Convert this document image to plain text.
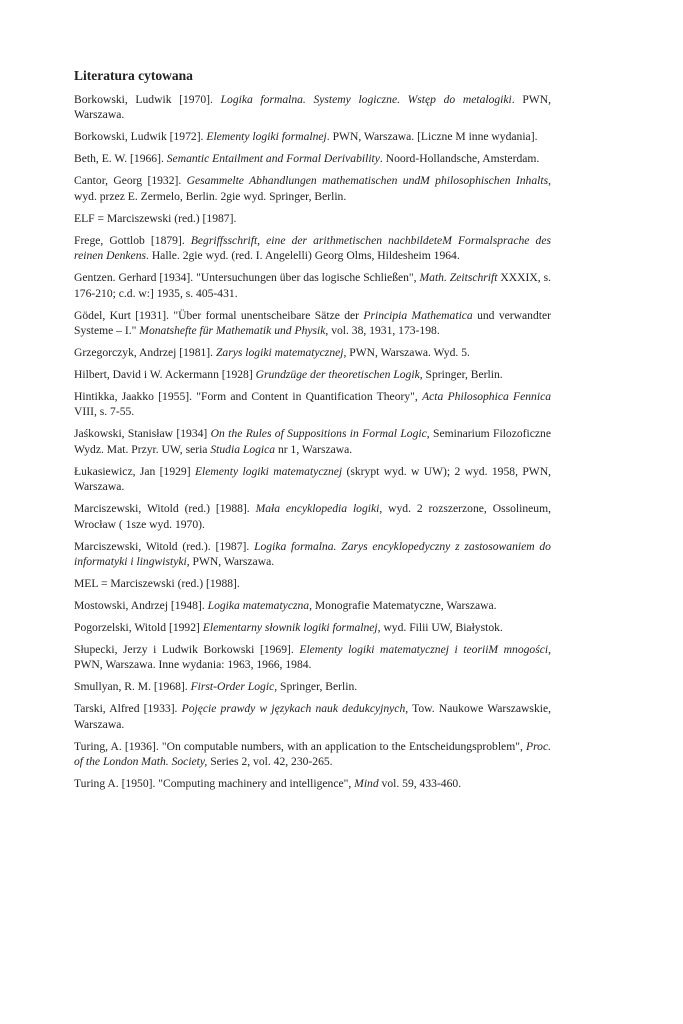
Literatura cytowana
Borkowski, Ludwik [1970]. Logika formalna. Systemy logiczne. Wstęp do metalogiki. PWN, Warszawa.
Borkowski, Ludwik [1972]. Elementy logiki formalnej. PWN, Warszawa. [Liczne M inne wydania].
Beth, E. W. [1966]. Semantic Entailment and Formal Derivability. Noord-Hollandsche, Amsterdam.
Cantor, Georg [1932]. Gesammelte Abhandlungen mathematischen undM philosophischen Inhalts, wyd. przez E. Zermelo, Berlin. 2gie wyd. Springer, Berlin.
ELF = Marciszewski (red.) [1987].
Frege, Gottlob [1879]. Begriffsschrift, eine der arithmetischen nachbildeteM Formalsprache des reinen Denkens. Halle. 2gie wyd. (red. I. Angelelli) Georg Olms, Hildesheim 1964.
Gentzen. Gerhard [1934]. "Untersuchungen über das logische Schließen", Math. Zeitschrift XXXIX, s. 176-210; c.d. w:] 1935, s. 405-431.
Gödel, Kurt [1931]. "Über formal unentscheibare Sätze der Principia Mathematica und verwandter Systeme – I." Monatshefte für Mathematik und Physik, vol. 38, 1931, 173-198.
Grzegorczyk, Andrzej [1981]. Zarys logiki matematycznej, PWN, Warszawa. Wyd. 5.
Hilbert, David i W. Ackermann [1928] Grundzüge der theoretischen Logik, Springer, Berlin.
Hintikka, Jaakko [1955]. "Form and Content in Quantification Theory", Acta Philosophica Fennica VIII, s. 7-55.
Jaśkowski, Stanisław [1934] On the Rules of Suppositions in Formal Logic, Seminarium Filozoficzne Wydz. Mat. Przyr. UW, seria Studia Logica nr 1, Warszawa.
Łukasiewicz, Jan [1929] Elementy logiki matematycznej (skrypt wyd. w UW); 2 wyd. 1958, PWN, Warszawa.
Marciszewski, Witold (red.) [1988]. Mała encyklopedia logiki, wyd. 2 rozszerzone, Ossolineum, Wrocław ( 1sze wyd. 1970).
Marciszewski, Witold (red.). [1987]. Logika formalna. Zarys encyklopedyczny z zastosowaniem do informatyki i lingwistyki, PWN, Warszawa.
MEL = Marciszewski (red.) [1988].
Mostowski, Andrzej [1948]. Logika matematyczna, Monografie Matematyczne, Warszawa.
Pogorzelski, Witold [1992] Elementarny słownik logiki formalnej, wyd. Filii UW, Białystok.
Słupecki, Jerzy i Ludwik Borkowski [1969]. Elementy logiki matematycznej i teoriiM mnogości, PWN, Warszawa. Inne wydania: 1963, 1966, 1984.
Smullyan, R. M. [1968]. First-Order Logic, Springer, Berlin.
Tarski, Alfred [1933]. Pojęcie prawdy w językach nauk dedukcyjnych, Tow. Naukowe Warszawskie, Warszawa.
Turing, A. [1936]. "On computable numbers, with an application to the Entscheidungsproblem", Proc. of the London Math. Society, Series 2, vol. 42, 230-265.
Turing A. [1950]. "Computing machinery and intelligence", Mind vol. 59, 433-460.
